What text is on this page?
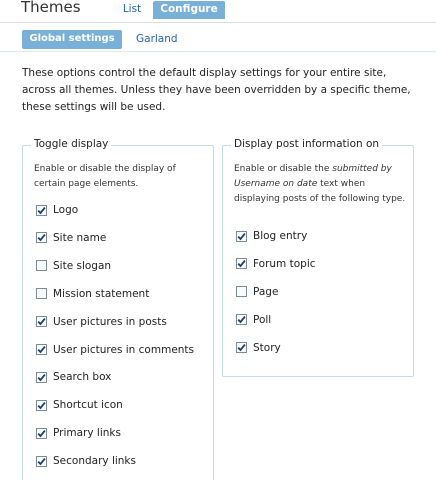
Themes	List	Configure
Global settings	Garland
These options control the default display settings for your entire site, across all themes. Unless they have been overridden by a specific theme, these settings will be used.
Toggle display
Enable or disable the display of certain page elements.
Logo
Site name
Site slogan
Mission statement
User pictures in posts
User pictures in comments
Search box
Shortcut icon
Primary links
Secondary links
Display post information on
Enable or disable the submitted by Username on date text when displaying posts of the following type.
Blog entry
Forum topic
Page
Poll
Story
